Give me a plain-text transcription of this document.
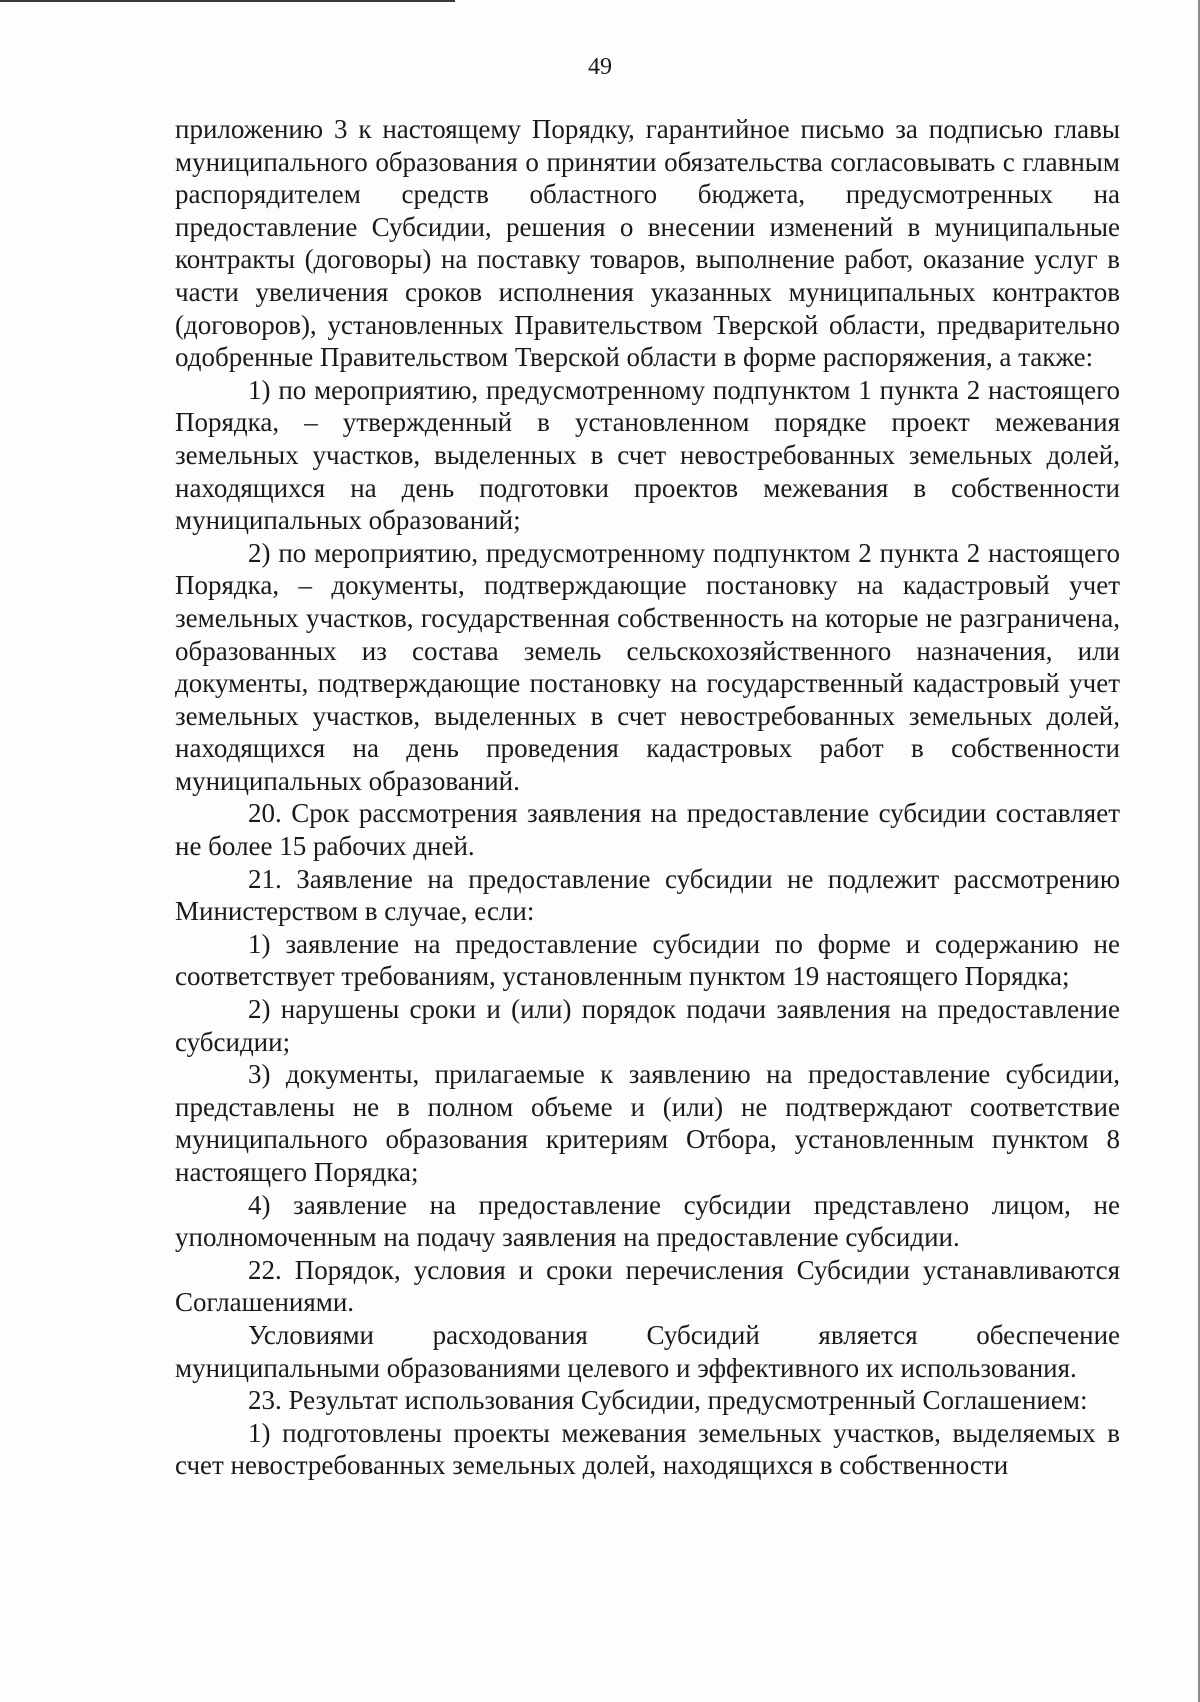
49

приложению 3 к настоящему Порядку, гарантийное письмо за подписью главы муниципального образования о принятии обязательства согласовывать с главным распорядителем средств областного бюджета, предусмотренных на предоставление Субсидии, решения о внесении изменений в муниципальные контракты (договоры) на поставку товаров, выполнение работ, оказание услуг в части увеличения сроков исполнения указанных муниципальных контрактов (договоров), установленных Правительством Тверской области, предварительно одобренные Правительством Тверской области в форме распоряжения, а также:

1) по мероприятию, предусмотренному подпунктом 1 пункта 2 настоящего Порядка, – утвержденный в установленном порядке проект межевания земельных участков, выделенных в счет невостребованных земельных долей, находящихся на день подготовки проектов межевания в собственности муниципальных образований;

2) по мероприятию, предусмотренному подпунктом 2 пункта 2 настоящего Порядка, – документы, подтверждающие постановку на кадастровый учет земельных участков, государственная собственность на которые не разграничена, образованных из состава земель сельскохозяйственного назначения, или документы, подтверждающие постановку на государственный кадастровый учет земельных участков, выделенных в счет невостребованных земельных долей, находящихся на день проведения кадастровых работ в собственности муниципальных образований.

20. Срок рассмотрения заявления на предоставление субсидии составляет не более 15 рабочих дней.

21. Заявление на предоставление субсидии не подлежит рассмотрению Министерством в случае, если:

1) заявление на предоставление субсидии по форме и содержанию не соответствует требованиям, установленным пунктом 19 настоящего Порядка;

2) нарушены сроки и (или) порядок подачи заявления на предоставление субсидии;

3) документы, прилагаемые к заявлению на предоставление субсидии, представлены не в полном объеме и (или) не подтверждают соответствие муниципального образования критериям Отбора, установленным пунктом 8 настоящего Порядка;

4) заявление на предоставление субсидии представлено лицом, не уполномоченным на подачу заявления на предоставление субсидии.

22. Порядок, условия и сроки перечисления Субсидии устанавливаются Соглашениями.

Условиями расходования Субсидий является обеспечение муниципальными образованиями целевого и эффективного их использования.

23. Результат использования Субсидии, предусмотренный Соглашением:

1) подготовлены проекты межевания земельных участков, выделяемых в счет невостребованных земельных долей, находящихся в собственности
